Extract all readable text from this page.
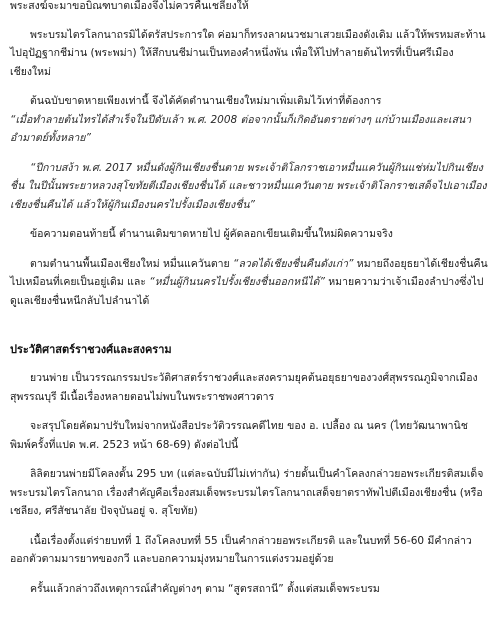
พระสงฆ์จะมาขอบิณฑบาตเมืองจึงไม่ควรคืนเชลียงให้

พระบรมไตรโลกนาถรมิได้ตรัสประการใด ค่อมาก็ทรงลาผนวชมาเสวยเมืองดังเดิม แล้วให้พรหมสะท้านไปอุปัฏฐากชีม่าน (พระพม่า) ให้สึกบนชีม่านเป็นทองคำหนึ่งพัน เพื่อให้ไปทำลายต้นไทรที่เป็นศรีเมืองเชียงใหม่

ต้นฉบับขาดหายเพียงเท่านี้ จึงได้คัดตำนานเชียงใหม่มาเพิ่มเติมไว้เท่าที่ต้องการ
“เมื่อทำลายต้นไทรได้สำเร็จในปีดับเล้า พ.ศ. 2008 ต่อจากนั้นก็เกิดอันตรายต่างๆ แก่บ้านเมืองและเสนาอำมาตย์ทั้งหลาย”

“ปีกาบสง้า พ.ศ. 2017 หมื่นดังผู้กินเชียงชื่นตาย พระเจ้าติโลกราชเอาหมื่นแควันผู้กินแช่ห่มไปกินเชียงชื่น ในปีนั้นพระยาหลวงสุโขทัยตีเมืองเชียงชื่นได้ และชาวหมื่นแควันตาย พระเจ้าติโลกราชเสด็จไปเอาเมืองเชียงชื่นคืนได้ แล้วให้ผู้กินเมืองนครไปรั้งเมืองเชียงชื่น”

ข้อความตอนท้ายนี้ ตำนานเดิมขาดหายไป ผู้คัดลอกเขียนเติมขึ้นใหม่ผิดความจริง

ตามตำนานพื้นเมืองเชียงใหม่ หมื่นแควันตาย “ลวดได้เชียงชื่นคืนดังเก่า” หมายถึงอยุธยาได้เชียงชื่นคืนไปเหมือนที่เคยเป็นอยู่เดิม และ “หมื่นผู้กินนครไปรั้งเชียงชื่นออกหนีได้” หมายความว่าเจ้าเมืองลำปางซึ่งไปดูแลเชียงชื่นหนีกลับไปลำนาได้

ประวัติศาสตร์ราชวงศ์และสงคราม

ยวนพ่าย เป็นวรรณกรรมประวัติศาสตร์ราชวงศ์และสงครามยุคต้นอยุธยาของวงศ์สุพรรณภูมิจากเมืองสุพรรณบุรี มีเนื้อเรื่องหลายตอนไม่พบในพระราชพงศาวดาร

จะสรุปโดยคัดมาปรับใหม่จากหนังสือประวัติวรรณคดีไทย ของ อ. เปลื้อง ณ นคร (ไทยวัฒนาพานิช พิมพ์ครั้งที่แปด พ.ศ. 2523 หน้า 68-69) ดังต่อไปนี้

ลิลิตยวนพ่ายมีโคลงดั้น 295 บท (แต่ละฉบับมีไม่เท่ากัน) ร่ายดั้นเป็นคำโคลงกล่าวยอพระเกียรติสมเด็จพระบรมไตรโลกนาถ เรื่องสำคัญคือเรื่องสมเด็จพระบรมไตรโลกนาถเสด็จยาตราทัพไปตีเมืองเชียงชื่น (หรือเชลียง, ศรีสัชนาลัย ปัจจุบันอยู่ จ. สุโขทัย)

เนื้อเรื่องตั้งแต่ร่ายบทที่ 1 ถึงโคลงบทที่ 55 เป็นคำกล่าวยอพระเกียรติ และในบทที่ 56-60 มีคำกล่าวออกตัวตามมารยาทของกวี และบอกความมุ่งหมายในการแต่งรวมอยู่ด้วย

ครั้นแล้วกล่าวถึงเหตุการณ์สำคัญต่างๆ ตาม “สูตรสถานี” ตั้งแต่สมเด็จพระบรม
